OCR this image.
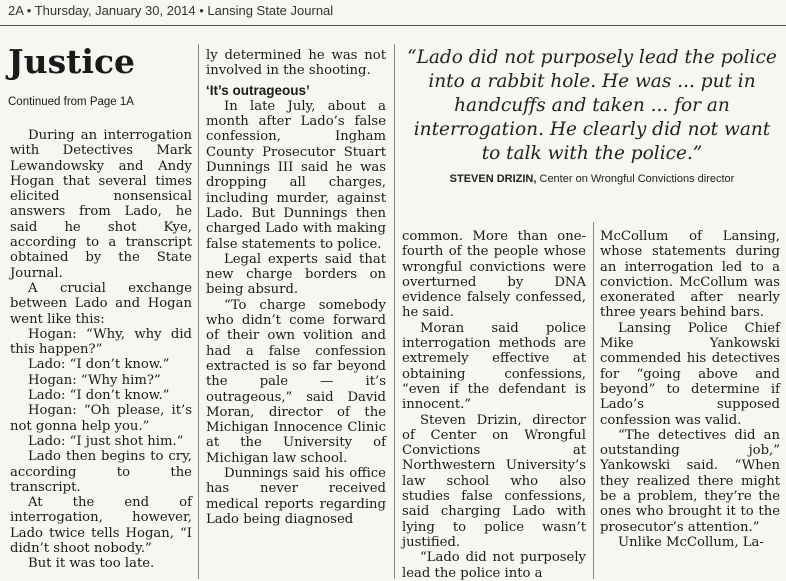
2A • Thursday, January 30, 2014 • Lansing State Journal
Justice
Continued from Page 1A

During an interrogation with Detectives Mark Lewandowsky and Andy Hogan that several times elicited nonsensical answers from Lado, he said he shot Kye, according to a transcript obtained by the State Journal.

A crucial exchange between Lado and Hogan went like this:

Hogan: “Why, why did this happen?”

Lado: “I don’t know.”

Hogan: “Why him?”

Lado: “I don’t know.”

Hogan: “Oh please, it’s not gonna help you.”

Lado: “I just shot him.”

Lado then begins to cry, according to the transcript.

At the end of interrogation, however, Lado twice tells Hogan, “I didn’t shoot nobody.”

But it was too late.

ly determined he was not involved in the shooting.

‘It’s outrageous’

In late July, about a month after Lado’s false confession, Ingham County Prosecutor Stuart Dunnings III said he was dropping all charges, including murder, against Lado. But Dunnings then charged Lado with making false statements to police.

Legal experts said that new charge borders on being absurd.

“To charge somebody who didn’t come forward of their own volition and had a false confession extracted is so far beyond the pale — it’s outrageous,” said David Moran, director of the Michigan Innocence Clinic at the University of Michigan law school.

Dunnings said his office has never received medical reports regarding Lado being diagnosed

“Lado did not purposely lead the police into a rabbit hole. He was ... put in handcuffs and taken ... for an interrogation. He clearly did not want to talk with the police.”
STEVEN DRIZIN, Center on Wrongful Convictions director

common. More than one-fourth of the people whose wrongful convictions were overturned by DNA evidence falsely confessed, he said.

Moran said police interrogation methods are extremely effective at obtaining confessions, “even if the defendant is innocent.”

Steven Drizin, director of Center on Wrongful Convictions at Northwestern University’s law school who also studies false confessions, said charging Lado with lying to police wasn’t justified.

“Lado did not purposely lead the police into a

McCollum of Lansing, whose statements during an interrogation led to a conviction. McCollum was exonerated after nearly three years behind bars.

Lansing Police Chief Mike Yankowski commended his detectives for “going above and beyond” to determine if Lado’s supposed confession was valid.

“The detectives did an outstanding job,” Yankowski said. “When they realized there might be a problem, they’re the ones who brought it to the prosecutor’s attention.”

Unlike McCollum, La-
